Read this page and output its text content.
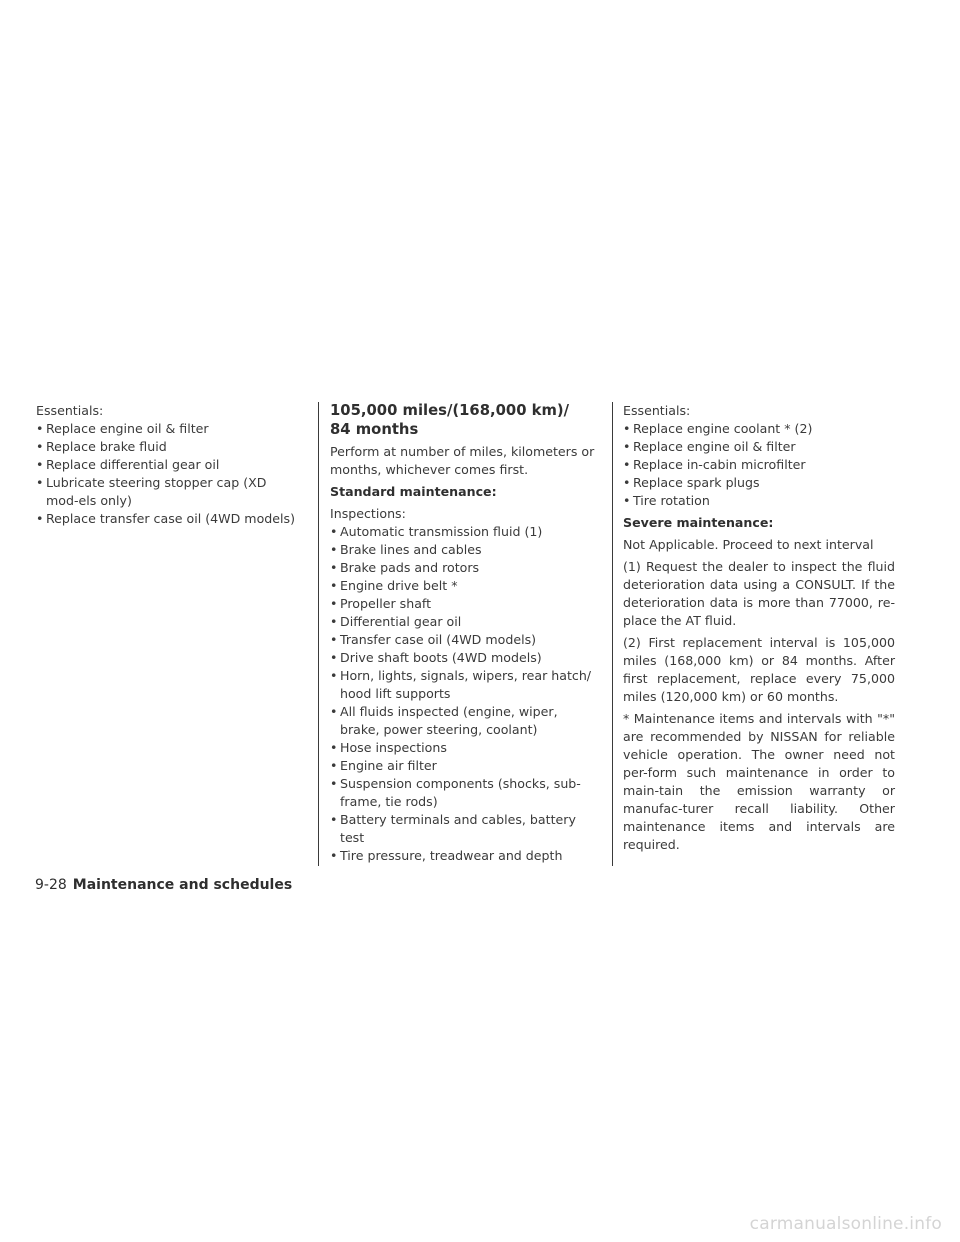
Essentials:

• Replace engine oil & filter
• Replace brake fluid
• Replace differential gear oil
• Lubricate steering stopper cap (XD mod-els only)
• Replace transfer case oil (4WD models)
105,000 miles/(168,000 km)/
84 months

Perform at number of miles, kilometers or months, whichever comes first.

Standard maintenance:

Inspections:

• Automatic transmission fluid (1)
• Brake lines and cables
• Brake pads and rotors
• Engine drive belt *
• Propeller shaft
• Differential gear oil
• Transfer case oil (4WD models)
• Drive shaft boots (4WD models)
• Horn, lights, signals, wipers, rear hatch/ hood lift supports
• All fluids inspected (engine, wiper, brake, power steering, coolant)
• Hose inspections
• Engine air filter
• Suspension components (shocks, sub-frame, tie rods)
• Battery terminals and cables, battery test
• Tire pressure, treadwear and depth

Essentials:

• Replace engine coolant * (2)
• Replace engine oil & filter
• Replace in-cabin microfilter
• Replace spark plugs
• Tire rotation

Severe maintenance:

Not Applicable. Proceed to next interval

(1) Request the dealer to inspect the fluid deterioration data using a CONSULT. If the deterioration data is more than 77000, re-place the AT fluid.

(2) First replacement interval is 105,000 miles (168,000 km) or 84 months. After first replacement, replace every 75,000 miles (120,000 km) or 60 months.

* Maintenance items and intervals with "*" are recommended by NISSAN for reliable vehicle operation. The owner need not per-form such maintenance in order to main-tain the emission warranty or manufac-turer recall liability. Other maintenance items and intervals are required.

9-28 Maintenance and schedules
carmanualsonline.info
